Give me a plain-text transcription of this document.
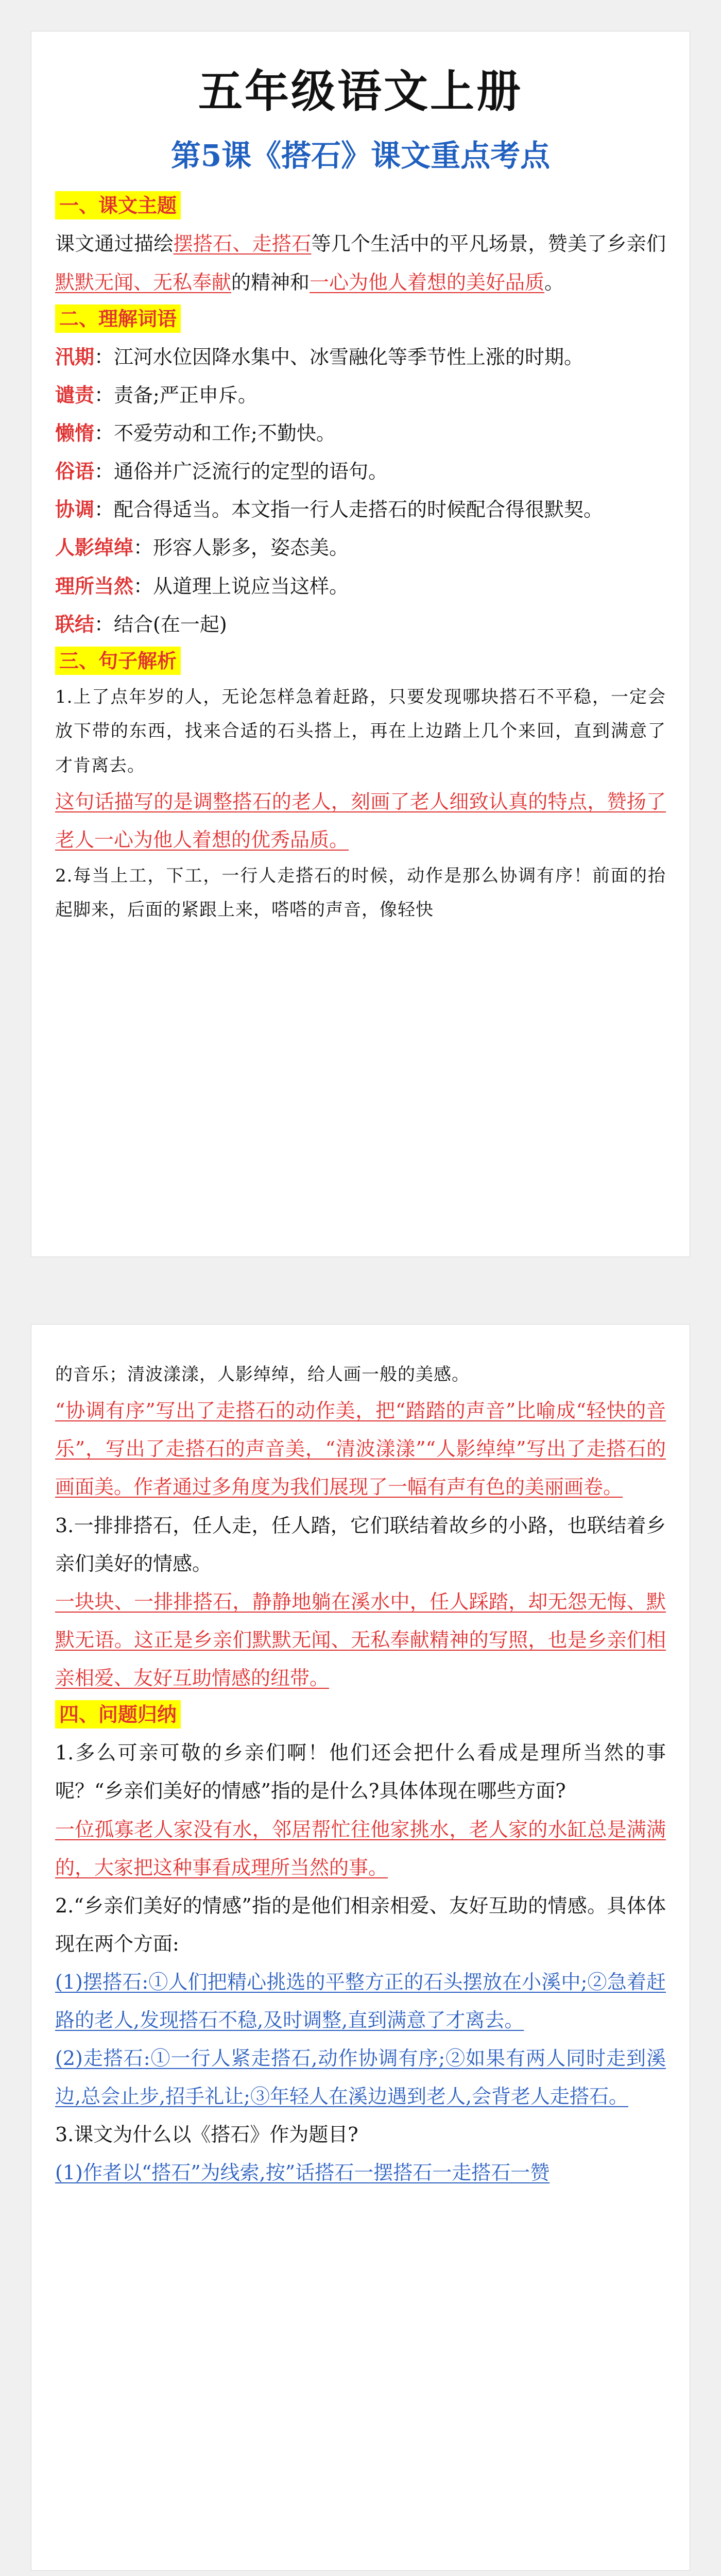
五年级语文上册
第5课《搭石》课文重点考点
一、课文主题

课文通过描绘摆搭石、走搭石等几个生活中的平凡场景，赞美了乡亲们默默无闻、无私奉献的精神和一心为他人着想的美好品质。

二、理解词语

汛期：江河水位因降水集中、冰雪融化等季节性上涨的时期。

谴责：责备;严正申斥。

懒惰：不爱劳动和工作;不勤快。

俗语：通俗并广泛流行的定型的语句。

协调：配合得适当。本文指一行人走搭石的时候配合得很默契。

人影绰绰：形容人影多，姿态美。

理所当然：从道理上说应当这样。

联结：结合(在一起)

三、句子解析

1.上了点年岁的人，无论怎样急着赶路，只要发现哪块搭石不平稳，一定会放下带的东西，找来合适的石头搭上，再在上边踏上几个来回，直到满意了才肯离去。

这句话描写的是调整搭石的老人，刻画了老人细致认真的特点，赞扬了老人一心为他人着想的优秀品质。

2.每当上工，下工，一行人走搭石的时候，动作是那么协调有序！前面的抬起脚来，后面的紧跟上来，嗒嗒的声音，像轻快

的音乐；清波漾漾，人影绰绰，给人画一般的美感。

“协调有序”写出了走搭石的动作美，把“踏踏的声音”比喻成“轻快的音乐”，写出了走搭石的声音美，“清波漾漾”“人影绰绰”写出了走搭石的画面美。作者通过多角度为我们展现了一幅有声有色的美丽画卷。

3.一排排搭石，任人走，任人踏，它们联结着故乡的小路，也联结着乡亲们美好的情感。

一块块、一排排搭石，静静地躺在溪水中，任人踩踏，却无怨无悔、默默无语。这正是乡亲们默默无闻、无私奉献精神的写照，也是乡亲们相亲相爱、友好互助情感的纽带。

四、问题归纳

1.多么可亲可敬的乡亲们啊！他们还会把什么看成是理所当然的事呢？“乡亲们美好的情感”指的是什么?具体体现在哪些方面?

一位孤寡老人家没有水，邻居帮忙往他家挑水，老人家的水缸总是满满的，大家把这种事看成理所当然的事。

2.“乡亲们美好的情感”指的是他们相亲相爱、友好互助的情感。具体体现在两个方面:

(1)摆搭石:①人们把精心挑选的平整方正的石头摆放在小溪中;②急着赶路的老人,发现搭石不稳,及时调整,直到满意了才离去。

(2)走搭石:①一行人紧走搭石,动作协调有序;②如果有两人同时走到溪边,总会止步,招手礼让;③年轻人在溪边遇到老人,会背老人走搭石。

3.课文为什么以《搭石》作为题目?

(1)作者以“搭石”为线索,按”话搭石一摆搭石一走搭石一赞
